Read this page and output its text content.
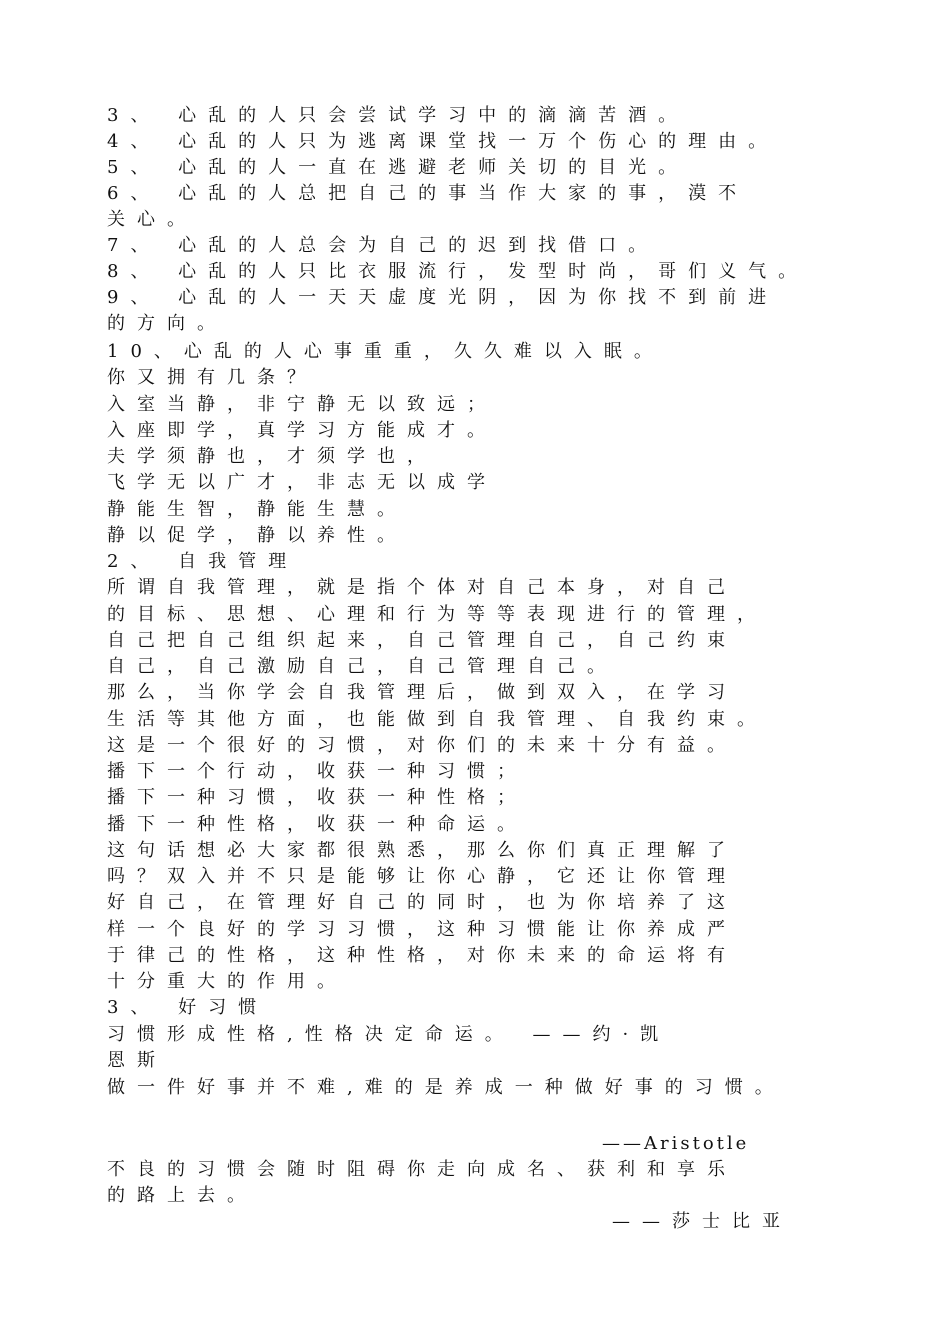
3、 心乱的人只会尝试学习中的滴滴苦酒。
4、 心乱的人只为逃离课堂找一万个伤心的理由。
5、 心乱的人一直在逃避老师关切的目光。
6、 心乱的人总把自己的事当作大家的事，漠不
关心。
7、 心乱的人总会为自己的迟到找借口。
8、 心乱的人只比衣服流行，发型时尚，哥们义气。
9、 心乱的人一天天虚度光阴，因为你找不到前进
的方向。
10、心乱的人心事重重，久久难以入眠。
你又拥有几条？
入室当静，非宁静无以致远；
入座即学，真学习方能成才。
夫学须静也，才须学也，
飞学无以广才，非志无以成学
静能生智，静能生慧。
静以促学，静以养性。
2、 自我管理
所谓自我管理，就是指个体对自己本身，对自己
的目标、思想、心理和行为等等表现进行的管理，
自己把自己组织起来，自己管理自己，自己约束
自己，自己激励自己，自己管理自己。
那么，当你学会自我管理后，做到双入，在学习
生活等其他方面，也能做到自我管理、自我约束。
这是一个很好的习惯，对你们的未来十分有益。
播下一个行动，收获一种习惯；
播下一种习惯，收获一种性格；
播下一种性格，收获一种命运。
这句话想必大家都很熟悉，那么你们真正理解了
吗？双入并不只是能够让你心静，它还让你管理
好自己，在管理好自己的同时，也为你培养了这
样一个良好的学习习惯，这种习惯能让你养成严
于律己的性格，这种性格，对你未来的命运将有
十分重大的作用。
3、 好习惯
习惯形成性格,性格决定命运。 ——约·凯
恩斯
做一件好事并不难,难的是养成一种做好事的习惯。
——Aristotle
不良的习惯会随时阻碍你走向成名、获利和享乐
的路上去。
——莎士比亚
